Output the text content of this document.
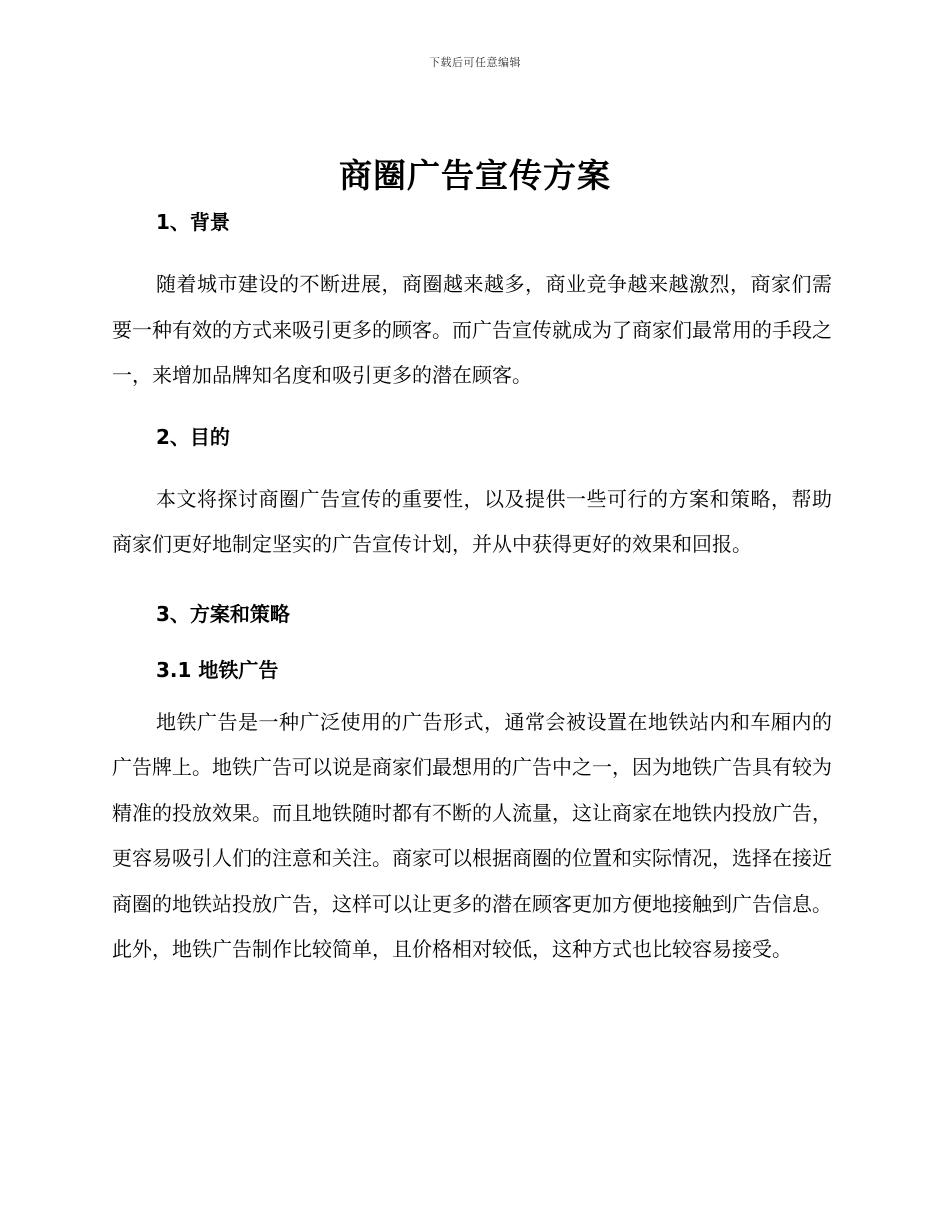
下载后可任意编辑
商圈广告宣传方案
1、背景

随着城市建设的不断进展，商圈越来越多，商业竞争越来越激烈，商家们需要一种有效的方式来吸引更多的顾客。而广告宣传就成为了商家们最常用的手段之一，来增加品牌知名度和吸引更多的潜在顾客。

2、目的

本文将探讨商圈广告宣传的重要性，以及提供一些可行的方案和策略，帮助商家们更好地制定坚实的广告宣传计划，并从中获得更好的效果和回报。

3、方案和策略
3.1 地铁广告

地铁广告是一种广泛使用的广告形式，通常会被设置在地铁站内和车厢内的广告牌上。地铁广告可以说是商家们最想用的广告中之一，因为地铁广告具有较为精准的投放效果。而且地铁随时都有不断的人流量，这让商家在地铁内投放广告，更容易吸引人们的注意和关注。商家可以根据商圈的位置和实际情况，选择在接近商圈的地铁站投放广告，这样可以让更多的潜在顾客更加方便地接触到广告信息。此外，地铁广告制作比较简单，且价格相对较低，这种方式也比较容易接受。
